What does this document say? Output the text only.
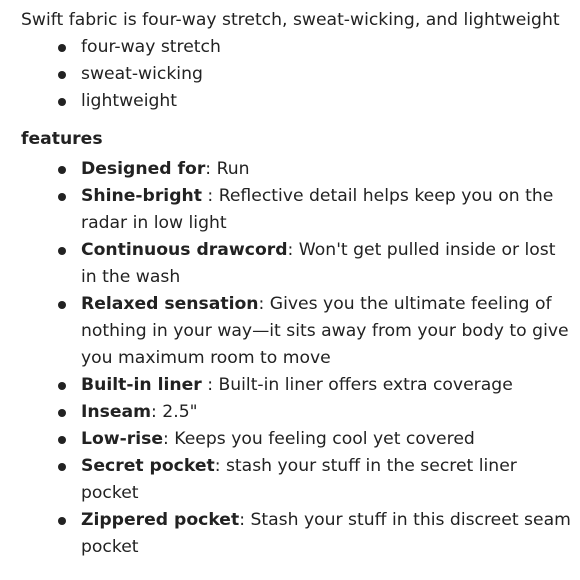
Swift fabric is four-way stretch, sweat-wicking, and lightweight

four-way stretch
sweat-wicking
lightweight
features
Designed for: Run
Shine-bright : Reflective detail helps keep you on the radar in low light
Continuous drawcord: Won't get pulled inside or lost in the wash
Relaxed sensation: Gives you the ultimate feeling of nothing in your way—it sits away from your body to give you maximum room to move
Built-in liner : Built-in liner offers extra coverage
Inseam: 2.5"
Low-rise: Keeps you feeling cool yet covered
Secret pocket: stash your stuff in the secret liner pocket
Zippered pocket: Stash your stuff in this discreet seam pocket
